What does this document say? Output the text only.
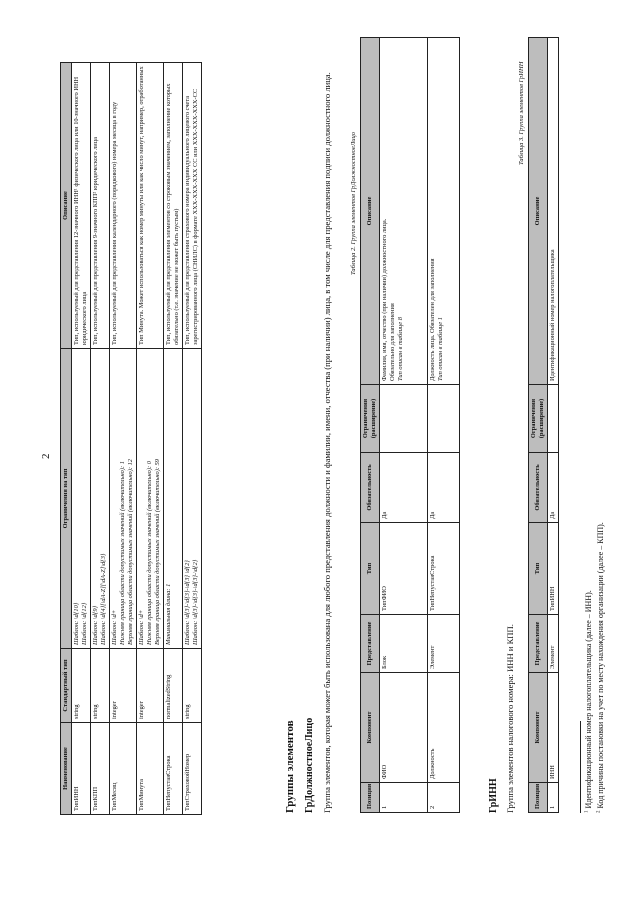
2
Наименование	Стандартный тип	Ограничения на тип	Описание
ТипИНН	string	Шаблон: \d{10} Шаблон: \d{12}	Тип, используемый для представления 12-значного ИНН¹ физического лица или 10-значного ИНН юридического лица
ТипКПП	string	Шаблон: \d{9} Шаблон: \d{4}[\dA-Z][\dA-Z]\d{3}	Тип, используемый для представления 9-значного КПП² юридического лица
ТипМесяц	integer	Шаблон: \d+ Нижняя граница области допустимых значений (включительно): 1 Верхняя граница области допустимых значений (включительно): 12	Тип, используемый для представления календарного (порядкового) номера месяца в году
ТипМинута	integer	Шаблон: \d+ Нижняя граница области допустимых значений (включительно): 0 Верхняя граница области допустимых значений (включительно): 59	Тип Минута. Может использоваться как номер минуты или как число минут, например, отработанных
ТипНепустаяСтрока	normalizedString	Минимальная длина: 1	Тип, используемый для представления элементов со строковым значением, заполнение которых обязательно (т.е. значение не может быть пустым)
ТипСтраховойНомер	string	Шаблон: \d{3}-\d{3}-\d{3} \d{2} Шаблон: \d{3}-\d{3}-\d{3}-\d{2}	Тип, используемый для представления страхового номера индивидуального лицевого счета зарегистрированного лица (СНИЛС) в формате XXX-XXX-XXX CC или XXX-XXX-XXX-CC
Группы элементов ГрДолжностноеЛицо Группа элементов, которая может быть использована для любого представления должности и фамилии, имени, отчества (при наличии) лица, в том числе для представления подписи должностного лица.	Таблица 2. Группа элементов ГрДолжностноеЛицо
Позиция	Компонент	Представление	Тип	Обязательность	Ограничения (расширение)	Описание
1	ФИО	Блок	ТипФИО	Да		Фамилия, имя, отчество (при наличии) должностного лица. Обязательно для заполнения Тип описан в таблице 8

2	Должность	Элемент	ТипНепустаяСтрока	Да		Должность лица. Обязателен для заполнения Тип описан в таблице 1
ГрИНН Группа элементов налогового номера: ИНН и КПП.
Таблица 3. Группа элементов ГрИНН
Позиция	Компонент	Представление	Тип	Обязательность	Ограничения (расширение)	Описание
1	ИНН	Элемент	ТипИНН	Да		Идентификационный номер налогоплательщика
$^1$ Идентификационный номер налогоплательщика (далее – ИНН).
$^2$ Код причины постановки на учет по месту нахождения организации (далее – КПП).
